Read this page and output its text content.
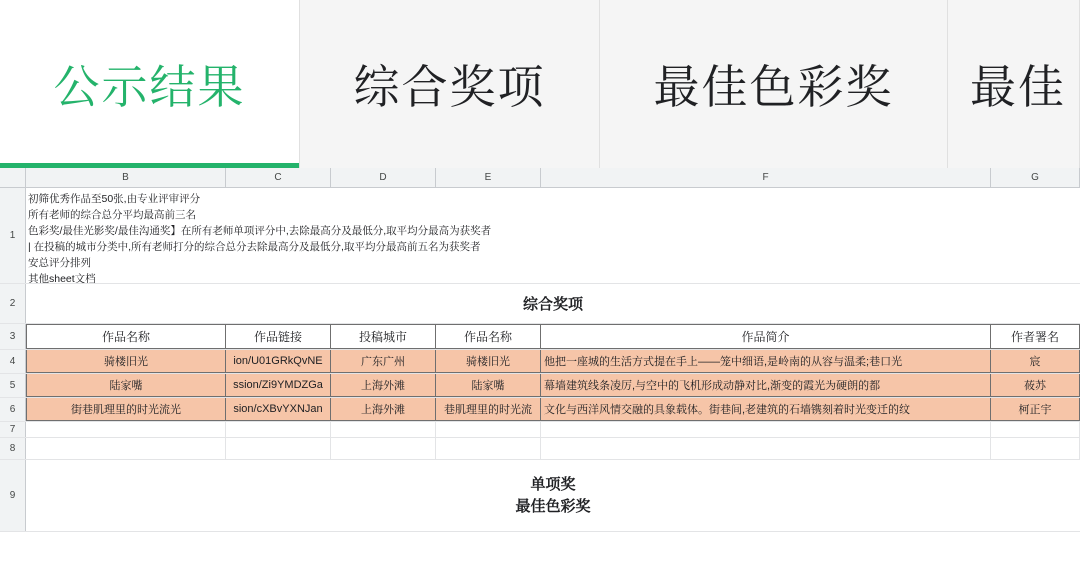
公示结果 综合奖项 最佳色彩奖 最佳
B	C	D	E	F	G
1
初筛优秀作品至50张,由专业评审评分
所有老师的综合总分平均最高前三名
色彩奖/最佳光影奖/最佳沟通奖】在所有老师单项评分中,去除最高分及最低分,取平均分最高为获奖者
| 在投稿的城市分类中,所有老师打分的综合总分去除最高分及最低分,取平均分最高前五名为获奖者
安总评分排列
其他sheet文档
2	综合奖项
3	作品名称	作品链接	投稿城市	作品名称	作品简介	作者署名
4	骑楼旧光	ion/U01GRkQvNE	广东广州	骑楼旧光	他把一座城的生活方式提在手上——笼中细语,是岭南的从容与温柔;巷口光	宸
5	陆家嘴	ssion/Zi9YMDZGa	上海外滩	陆家嘴	幕墙建筑线条凌厉,与空中的飞机形成动静对比,渐变的霞光为硬朗的都	莜苏
6	街巷肌理里的时光流光	sion/cXBvYXNJan	上海外滩	巷肌理里的时光流	文化与西洋风情交融的具象载体。街巷间,老建筑的石墙镌刻着时光变迁的纹	柯正宇
7
8
9
单项奖
最佳色彩奖
